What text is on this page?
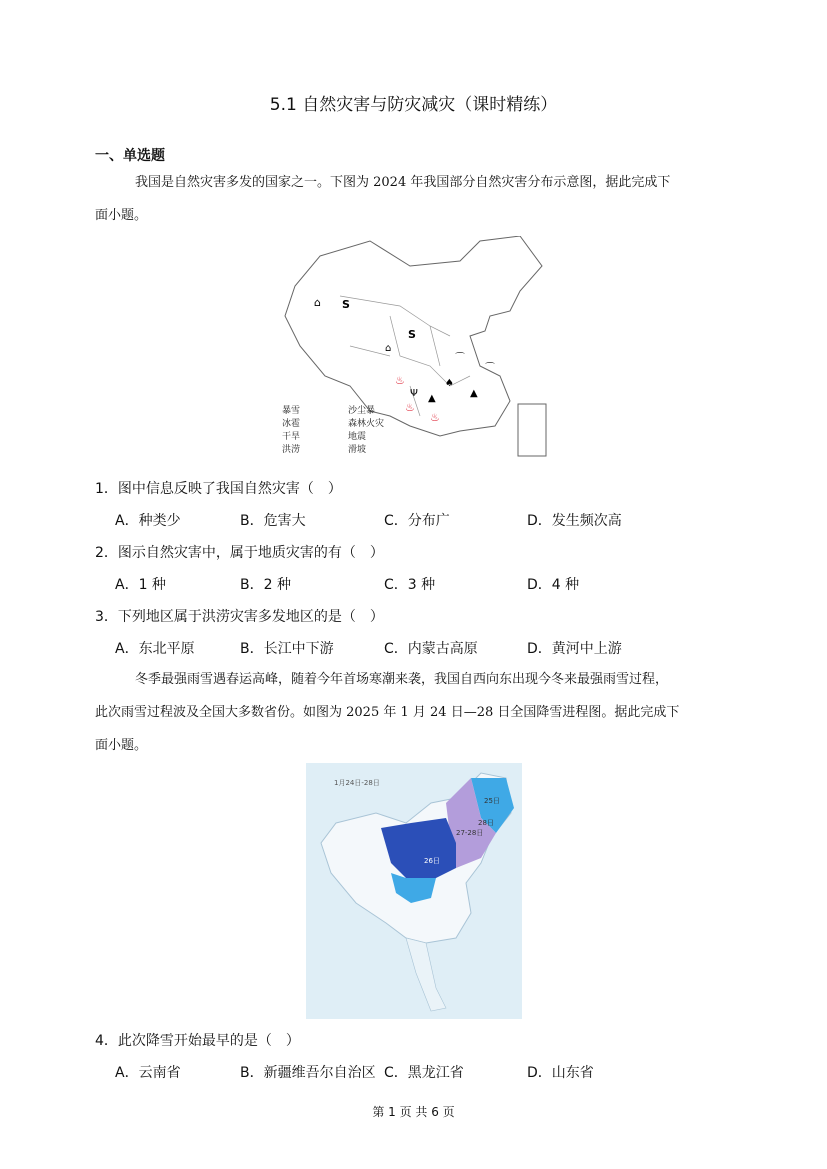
5.1 自然灾害与防灾减灾（课时精练）
一、单选题
我国是自然灾害多发的国家之一。下图为 2024 年我国部分自然灾害分布示意图，据此完成下
面小题。
⌂ S
S
⌂
⌒
▲	▲
♨
♨
♨
Ψ
♠
⌒
暴雪	沙尘暴
冰雹	森林火灾
干旱	地震
洪涝	滑坡
1．图中信息反映了我国自然灾害（　）
A．种类少	B．危害大	C．分布广	D．发生频次高
2．图示自然灾害中，属于地质灾害的有（　）
A．1 种	B．2 种	C．3 种	D．4 种
3．下列地区属于洪涝灾害多发地区的是（　）
A．东北平原	B．长江中下游	C．内蒙古高原	D．黄河中上游
冬季最强雨雪遇春运高峰，随着今年首场寒潮来袭，我国自西向东出现今冬来最强雨雪过程，
此次雨雪过程波及全国大多数省份。如图为 2025 年 1 月 24 日—28 日全国降雪进程图。据此完成下
面小题。
1月24日-28日
26日
27-28日
25日
28日
4．此次降雪开始最早的是（　）
A．云南省	B．新疆维吾尔自治区 C．黑龙江省	D．山东省
第 1 页 共 6 页
